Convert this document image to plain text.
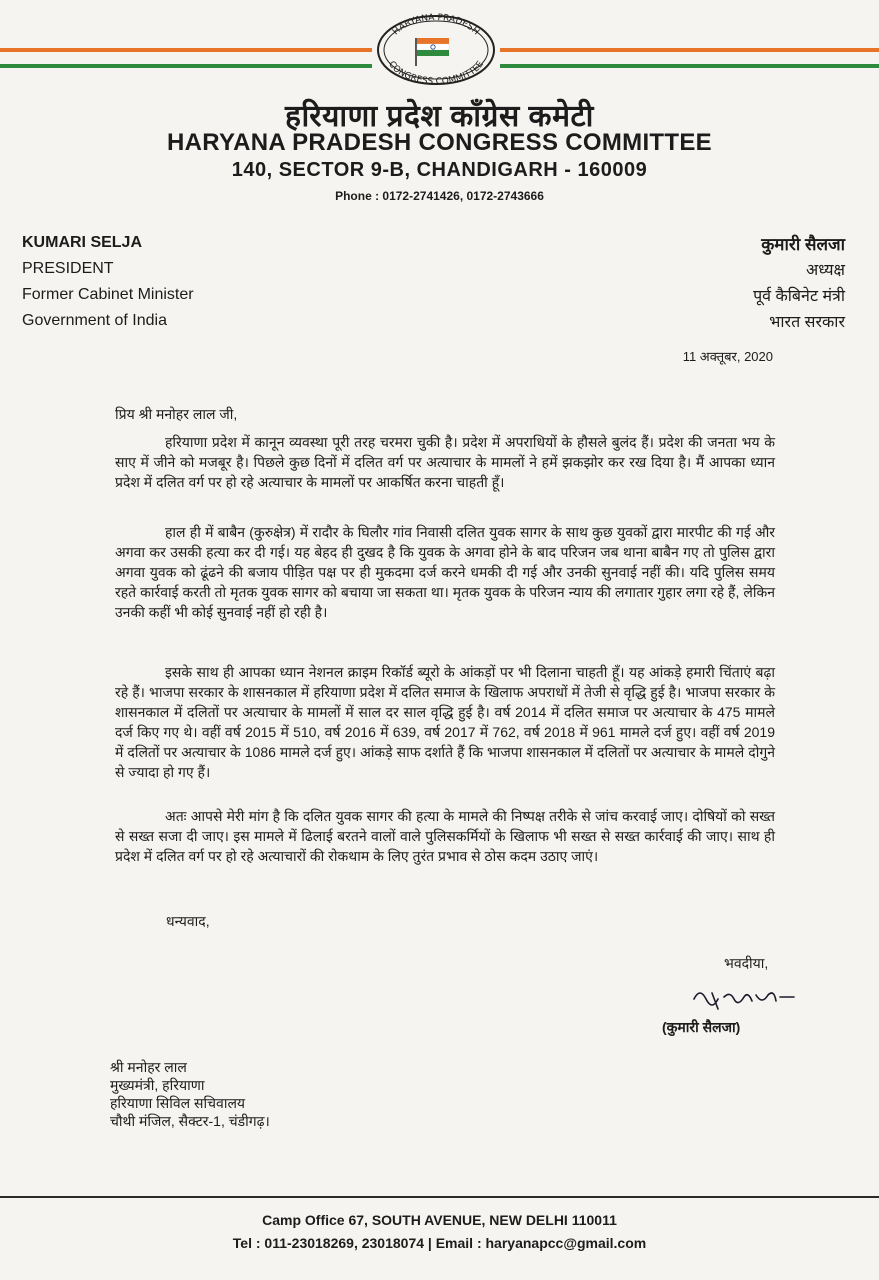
HARYANA PRADESH
CONGRESS COMMITTEE
हरियाणा प्रदेश कॉंग्रेस कमेटी
HARYANA PRADESH CONGRESS COMMITTEE
140, SECTOR 9-B, CHANDIGARH - 160009
Phone : 0172-2741426, 0172-2743666
KUMARI SELJA
PRESIDENT
Former Cabinet Minister
Government of India
कुमारी सैलजा
अध्यक्ष
पूर्व कैबिनेट मंत्री
भारत सरकार
11 अक्तूबर, 2020
प्रिय श्री मनोहर लाल जी,

हरियाणा प्रदेश में कानून व्यवस्था पूरी तरह चरमरा चुकी है। प्रदेश में अपराधियों के हौसले बुलंद हैं। प्रदेश की जनता भय के साए में जीने को मजबूर है। पिछले कुछ दिनों में दलित वर्ग पर अत्याचार के मामलों ने हमें झकझोर कर रख दिया है। मैं आपका ध्यान प्रदेश में दलित वर्ग पर हो रहे अत्याचार के मामलों पर आकर्षित करना चाहती हूँ।

हाल ही में बाबैन (कुरुक्षेत्र) में रादौर के घिलौर गांव निवासी दलित युवक सागर के साथ कुछ युवकों द्वारा मारपीट की गई और अगवा कर उसकी हत्या कर दी गई। यह बेहद ही दुखद है कि युवक के अगवा होने के बाद परिजन जब थाना बाबैन गए तो पुलिस द्वारा अगवा युवक को ढूंढने की बजाय पीड़ित पक्ष पर ही मुकदमा दर्ज करने धमकी दी गई और उनकी सुनवाई नहीं की। यदि पुलिस समय रहते कार्रवाई करती तो मृतक युवक सागर को बचाया जा सकता था। मृतक युवक के परिजन न्याय की लगातार गुहार लगा रहे हैं, लेकिन उनकी कहीं भी कोई सुनवाई नहीं हो रही है।

इसके साथ ही आपका ध्यान नेशनल क्राइम रिकॉर्ड ब्यूरो के आंकड़ों पर भी दिलाना चाहती हूँ। यह आंकड़े हमारी चिंताएं बढ़ा रहे हैं। भाजपा सरकार के शासनकाल में हरियाणा प्रदेश में दलित समाज के खिलाफ अपराधों में तेजी से वृद्धि हुई है। भाजपा सरकार के शासनकाल में दलितों पर अत्याचार के मामलों में साल दर साल वृद्धि हुई है। वर्ष 2014 में दलित समाज पर अत्याचार के 475 मामले दर्ज किए गए थे। वहीं वर्ष 2015 में 510, वर्ष 2016 में 639, वर्ष 2017 में 762, वर्ष 2018 में 961 मामले दर्ज हुए। वहीं वर्ष 2019 में दलितों पर अत्याचार के 1086 मामले दर्ज हुए। आंकड़े साफ दर्शाते हैं कि भाजपा शासनकाल में दलितों पर अत्याचार के मामले दोगुने से ज्यादा हो गए हैं।

अतः आपसे मेरी मांग है कि दलित युवक सागर की हत्या के मामले की निष्पक्ष तरीके से जांच करवाई जाए। दोषियों को सख्त से सख्त सजा दी जाए। इस मामले में ढिलाई बरतने वालों वाले पुलिसकर्मियों के खिलाफ भी सख्त से सख्त कार्रवाई की जाए। साथ ही प्रदेश में दलित वर्ग पर हो रहे अत्याचारों की रोकथाम के लिए तुरंत प्रभाव से ठोस कदम उठाए जाएं।

धन्यवाद,
भवदीया,
(कुमारी सैलजा)
श्री मनोहर लाल
मुख्यमंत्री, हरियाणा
हरियाणा सिविल सचिवालय
चौथी मंजिल, सैक्टर-1, चंडीगढ़।
Camp Office 67, SOUTH AVENUE, NEW DELHI 110011
Tel : 011-23018269, 23018074 | Email : haryanapcc@gmail.com
